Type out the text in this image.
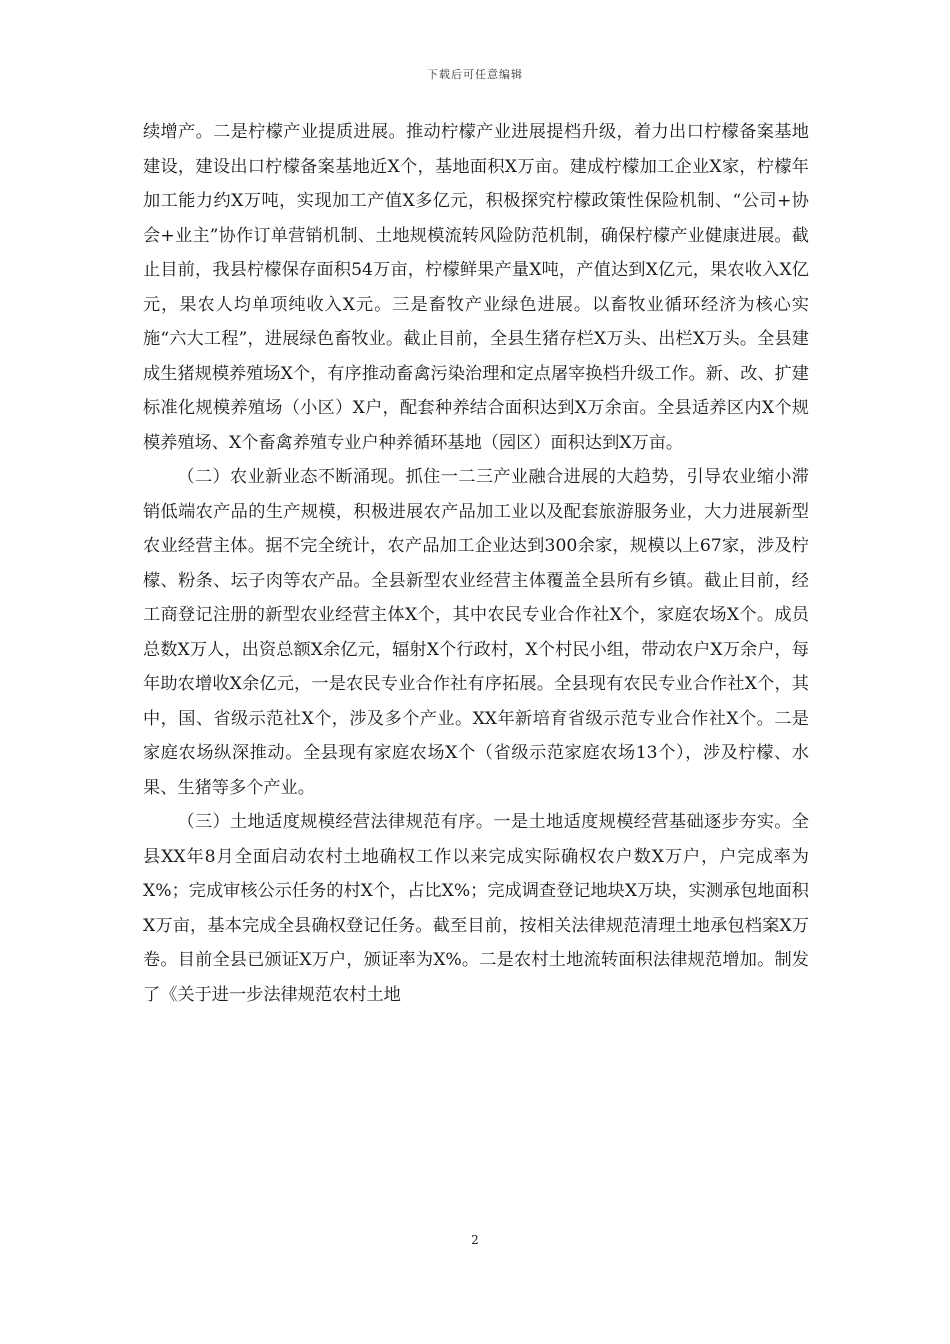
下载后可任意编辑

续增产。二是柠檬产业提质进展。推动柠檬产业进展提档升级，着力出口柠檬备案基地建设，建设出口柠檬备案基地近X个，基地面积X万亩。建成柠檬加工企业X家，柠檬年加工能力约X万吨，实现加工产值X多亿元，积极探究柠檬政策性保险机制、“公司+协会+业主”协作订单营销机制、土地规模流转风险防范机制，确保柠檬产业健康进展。截止目前，我县柠檬保存面积54万亩，柠檬鲜果产量X吨，产值达到X亿元，果农收入X亿元，果农人均单项纯收入X元。三是畜牧产业绿色进展。以畜牧业循环经济为核心实施“六大工程”，进展绿色畜牧业。截止目前，全县生猪存栏X万头、出栏X万头。全县建成生猪规模养殖场X个，有序推动畜禽污染治理和定点屠宰换档升级工作。新、改、扩建标准化规模养殖场（小区）X户，配套种养结合面积达到X万余亩。全县适养区内X个规模养殖场、X个畜禽养殖专业户种养循环基地（园区）面积达到X万亩。

（二）农业新业态不断涌现。抓住一二三产业融合进展的大趋势，引导农业缩小滞销低端农产品的生产规模，积极进展农产品加工业以及配套旅游服务业，大力进展新型农业经营主体。据不完全统计，农产品加工企业达到300余家，规模以上67家，涉及柠檬、粉条、坛子肉等农产品。全县新型农业经营主体覆盖全县所有乡镇。截止目前，经工商登记注册的新型农业经营主体X个，其中农民专业合作社X个，家庭农场X个。成员总数X万人，出资总额X余亿元，辐射X个行政村，X个村民小组，带动农户X万余户，每年助农增收X余亿元，一是农民专业合作社有序拓展。全县现有农民专业合作社X个，其中，国、省级示范社X个，涉及多个产业。XX年新培育省级示范专业合作社X个。二是家庭农场纵深推动。全县现有家庭农场X个（省级示范家庭农场13个），涉及柠檬、水果、生猪等多个产业。

（三）土地适度规模经营法律规范有序。一是土地适度规模经营基础逐步夯实。全县XX年8月全面启动农村土地确权工作以来完成实际确权农户数X万户，户完成率为X%；完成审核公示任务的村X个，占比X%；完成调查登记地块X万块，实测承包地面积X万亩，基本完成全县确权登记任务。截至目前，按相关法律规范清理土地承包档案X万卷。目前全县已颁证X万户，颁证率为X%。二是农村土地流转面积法律规范增加。制发了《关于进一步法律规范农村土地

2
